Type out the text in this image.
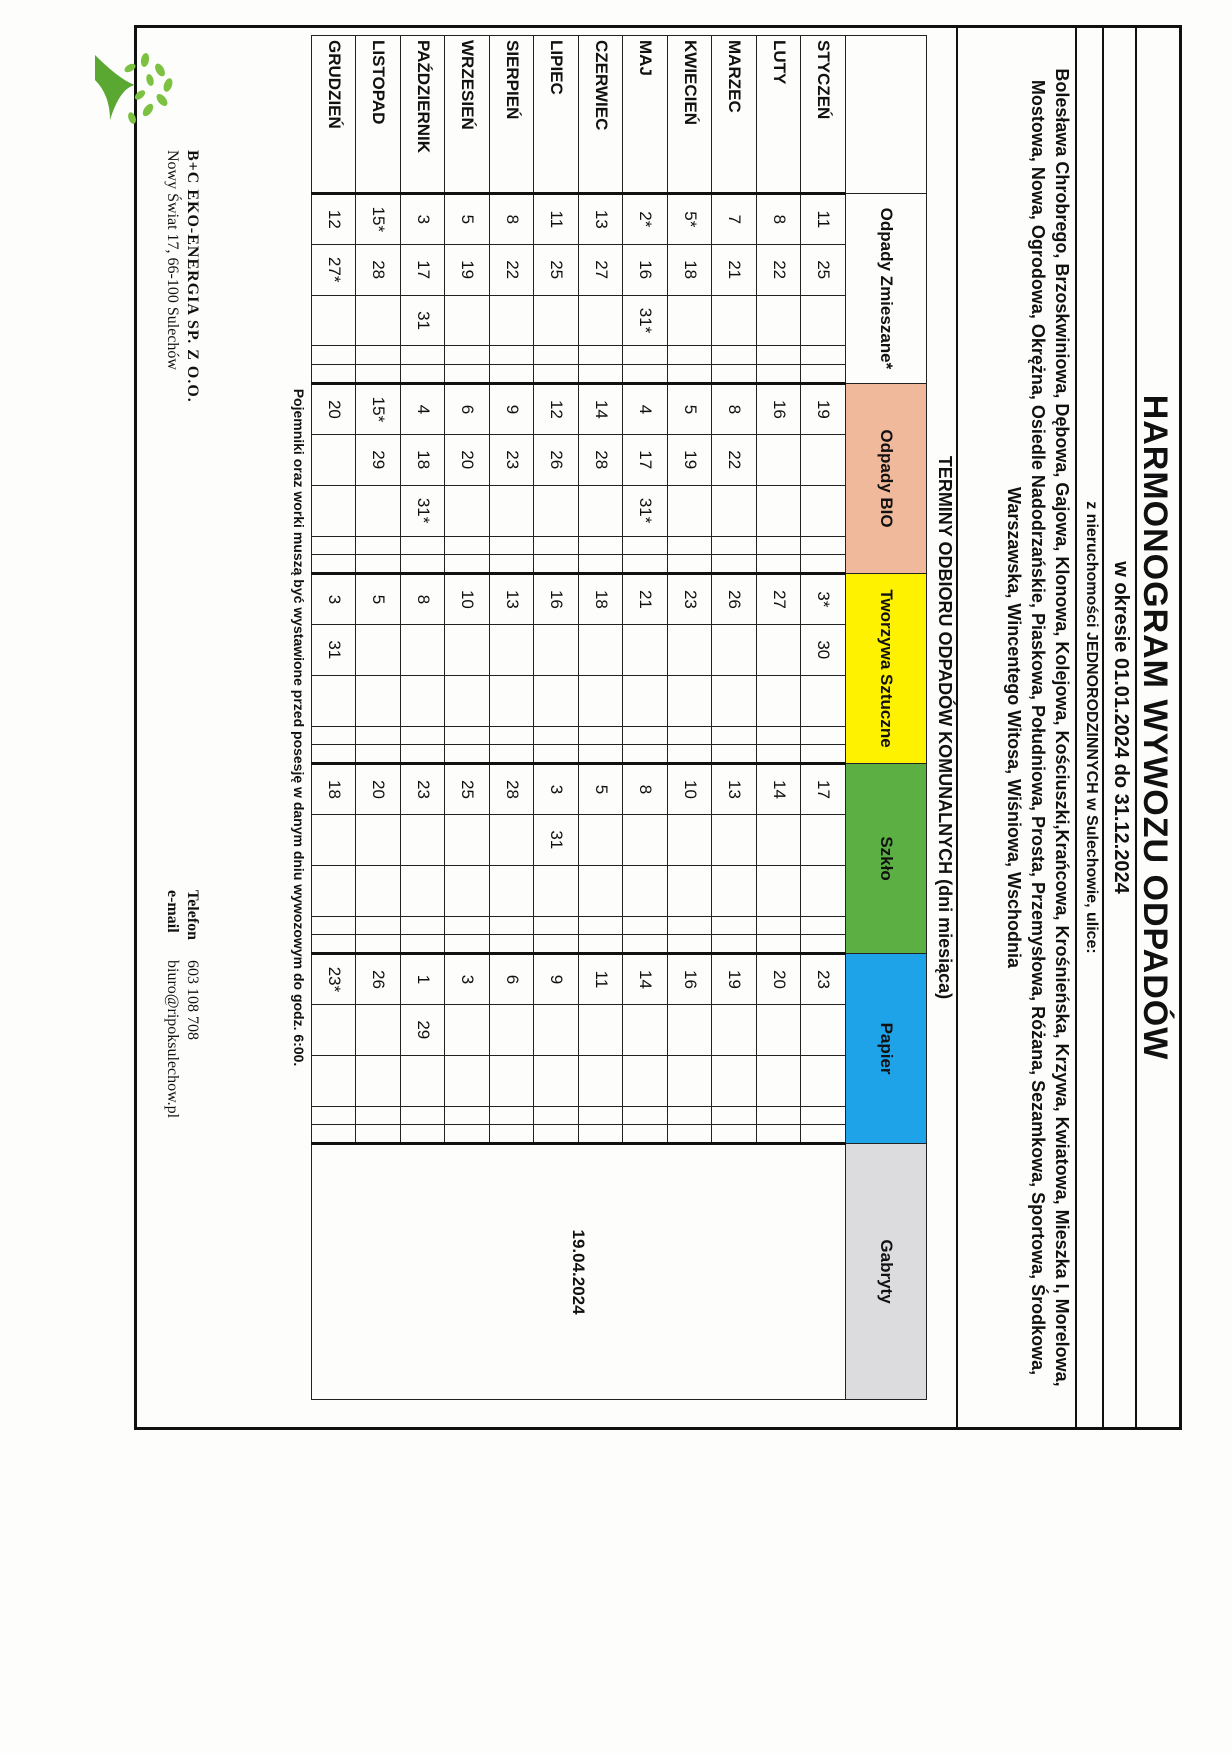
HARMONOGRAM WYWOZU ODPADÓW
w okresie 01.01.2024 do 31.12.2024
z nieruchomości JEDNORODZINNYCH w Sulechowie, ulice:
Bolesława Chrobrego, Brzoskwiniowa, Dębowa, Gajowa, Klonowa, Kolejowa, Kościuszki,Krańcowa, Krośnieńska, Krzywa, Kwiatowa, Mieszka I, Morelowa, Mostowa, Nowa, Ogrodowa, Okrężna, Osiedle Nadodrzańskie, Piaskowa, Południowa, Prosta, Przemysłowa, Różana, Sezamkowa, Sportowa, Środkowa, Warszawska, Wincentego Witosa, Wiśniowa, Wschodnia
TERMINY ODBIORU ODPADÓW KOMUNALNYCH (dni miesiąca)
	Odpady Zmieszane*					Odpady BIO					Tworzywa Sztuczne					Szkło					Papier					Gabryty
STYCZEŃ	11	25				19					3*	30				17					23					19.04.2024
LUTY	8	22				16					27					14					20					
MARZEC	7	21				8	22				26					13					19					
KWIECIEŃ	5*	18				5	19				23					10					16					
MAJ	2*	16	31*			4	17	31*			21					8					14					
CZERWIEC	13	27				14	28				18					5					11					
LIPIEC	11	25				12	26				16					3	31				9					
SIERPIEŃ	8	22				9	23				13					28					6					
WRZESIEŃ	5	19				6	20				10					25					3					
PAŹDZIERNIK	3	17	31			4	18	31*			8					23					1	29				
LISTOPAD	15*	28				15*	29				5					20					26					
GRUDZIEŃ	12	27*				20					3	31				18					23*					
Pojemniki oraz worki muszą być wystawione przed posesję w danym dniu wywozowym do godz. 6:00.
B+C EKO-ENERGIA SP. Z O.O.
Nowy Świat 17, 66-100 Sulechów
Telefon603 108 708
e-mailbiuro@ripoksulechow.pl
